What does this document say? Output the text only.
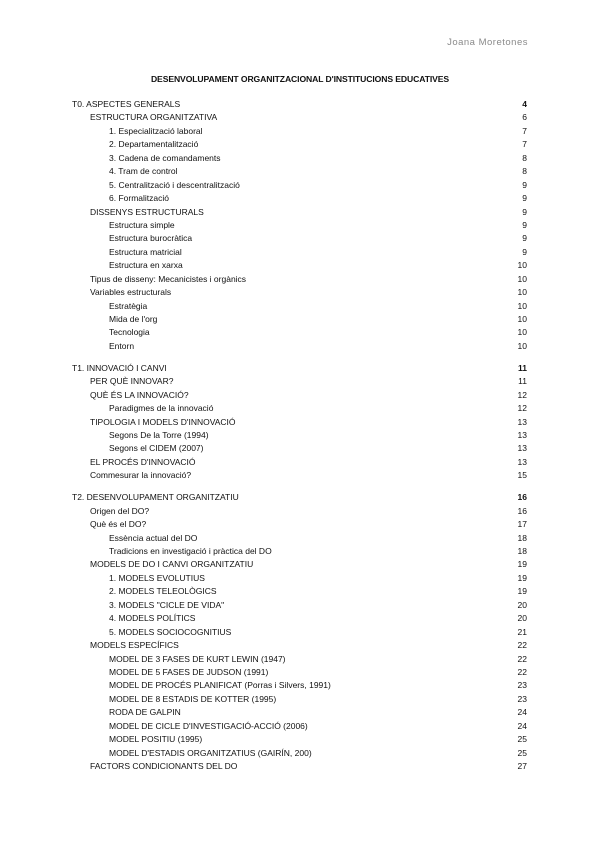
Joana Moretones
DESENVOLUPAMENT ORGANITZACIONAL D'INSTITUCIONS EDUCATIVES
T0. ASPECTES GENERALS	4
ESTRUCTURA ORGANITZATIVA	6
1. Especialització laboral	7
2. Departamentalització	7
3. Cadena de comandaments	8
4. Tram de control	8
5. Centralització i descentralització	9
6. Formalització	9
DISSENYS ESTRUCTURALS	9
Estructura simple	9
Estructura burocràtica	9
Estructura matricial	9
Estructura en xarxa	10
Tipus de disseny: Mecanicistes i orgànics	10
Variables estructurals	10
Estratègia	10
Mida de l'org	10
Tecnologia	10
Entorn	10
T1. INNOVACIÓ I CANVI	11
PER QUÈ INNOVAR?	11
QUÈ ÉS LA INNOVACIÓ?	12
Paradigmes de la innovació	12
TIPOLOGIA I MODELS D'INNOVACIÓ	13
Segons De la Torre (1994)	13
Segons el CIDEM (2007)	13
EL PROCÉS D'INNOVACIÓ	13
Commesurar la innovació?	15
T2. DESENVOLUPAMENT ORGANITZATIU	16
Origen del DO?	16
Què és el DO?	17
Essència actual del DO	18
Tradicions en investigació i pràctica del DO	18
MODELS DE DO I CANVI ORGANITZATIU	19
1. MODELS EVOLUTIUS	19
2. MODELS TELEOLÒGICS	19
3. MODELS "CICLE DE VIDA"	20
4. MODELS POLÍTICS	20
5. MODELS SOCIOCOGNITIUS	21
MODELS ESPECÍFICS	22
MODEL DE 3 FASES DE KURT LEWIN (1947)	22
MODEL DE 5 FASES DE JUDSON (1991)	22
MODEL DE PROCÉS PLANIFICAT (Porras i Silvers, 1991)	23
MODEL DE 8 ESTADIS DE KOTTER (1995)	23
RODA DE GALPIN	24
MODEL DE CICLE D'INVESTIGACIÓ-ACCIÓ (2006)	24
MODEL POSITIU (1995)	25
MODEL D'ESTADIS ORGANITZATIUS (GAIRÍN, 200)	25
FACTORS CONDICIONANTS DEL DO	27
